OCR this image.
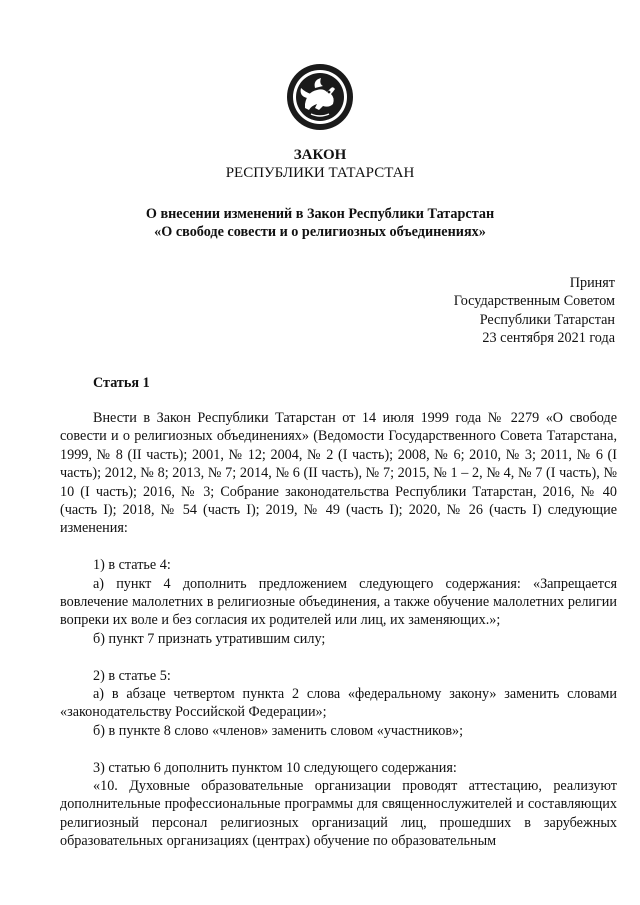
ЗАКОН
РЕСПУБЛИКИ ТАТАРСТАН
О внесении изменений в Закон Республики Татарстан
«О свободе совести и о религиозных объединениях»
Принят
Государственным Советом
Республики Татарстан
23 сентября 2021 года
Статья 1

Внести в Закон Республики Татарстан от 14 июля 1999 года № 2279 «О свободе совести и о религиозных объединениях» (Ведомости Государственного Совета Татарстана, 1999, № 8 (II часть); 2001, № 12; 2004, № 2 (I часть); 2008, № 6; 2010, № 3; 2011, № 6 (I часть); 2012, № 8; 2013, № 7; 2014, № 6 (II часть), № 7; 2015, № 1 – 2, № 4, № 7 (I часть), № 10 (I часть); 2016, № 3; Собрание законодательства Республики Татарстан, 2016, № 40 (часть I); 2018, № 54 (часть I); 2019, № 49 (часть I); 2020, № 26 (часть I) следующие изменения:

1) в статье 4:

а) пункт 4 дополнить предложением следующего содержания: «Запрещается вовлечение малолетних в религиозные объединения, а также обучение малолетних религии вопреки их воле и без согласия их родителей или лиц, их заменяющих.»;

б) пункт 7 признать утратившим силу;

2) в статье 5:

а) в абзаце четвертом пункта 2 слова «федеральному закону» заменить словами «законодательству Российской Федерации»;

б) в пункте 8 слово «членов» заменить словом «участников»;

3) статью 6 дополнить пунктом 10 следующего содержания:

«10. Духовные образовательные организации проводят аттестацию, реализуют дополнительные профессиональные программы для священнослужителей и составляющих религиозный персонал религиозных организаций лиц, прошедших в зарубежных образовательных организациях (центрах) обучение по образовательным
